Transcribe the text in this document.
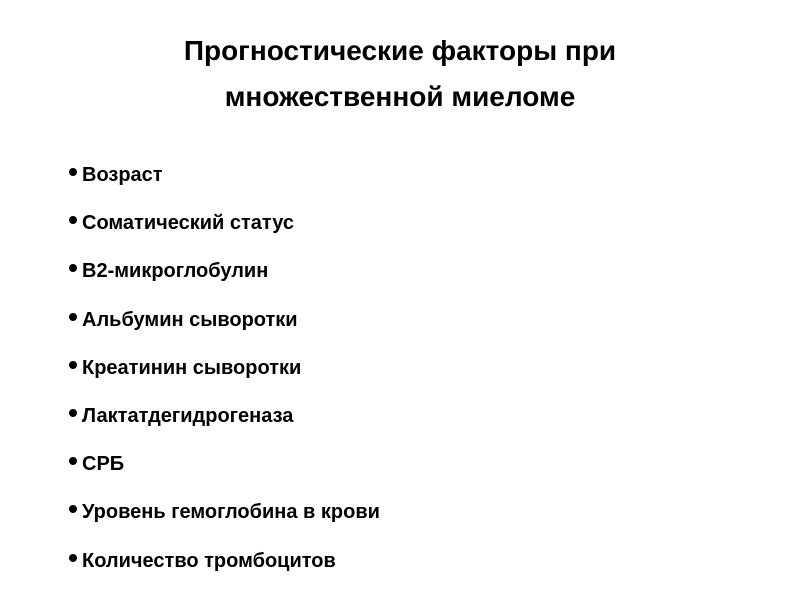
Прогностические факторы при
множественной миеломе
Возраст
Соматический статус
В2-микроглобулин
Альбумин сыворотки
Креатинин сыворотки
Лактатдегидрогеназа
СРБ
Уровень гемоглобина в крови
Количество тромбоцитов
